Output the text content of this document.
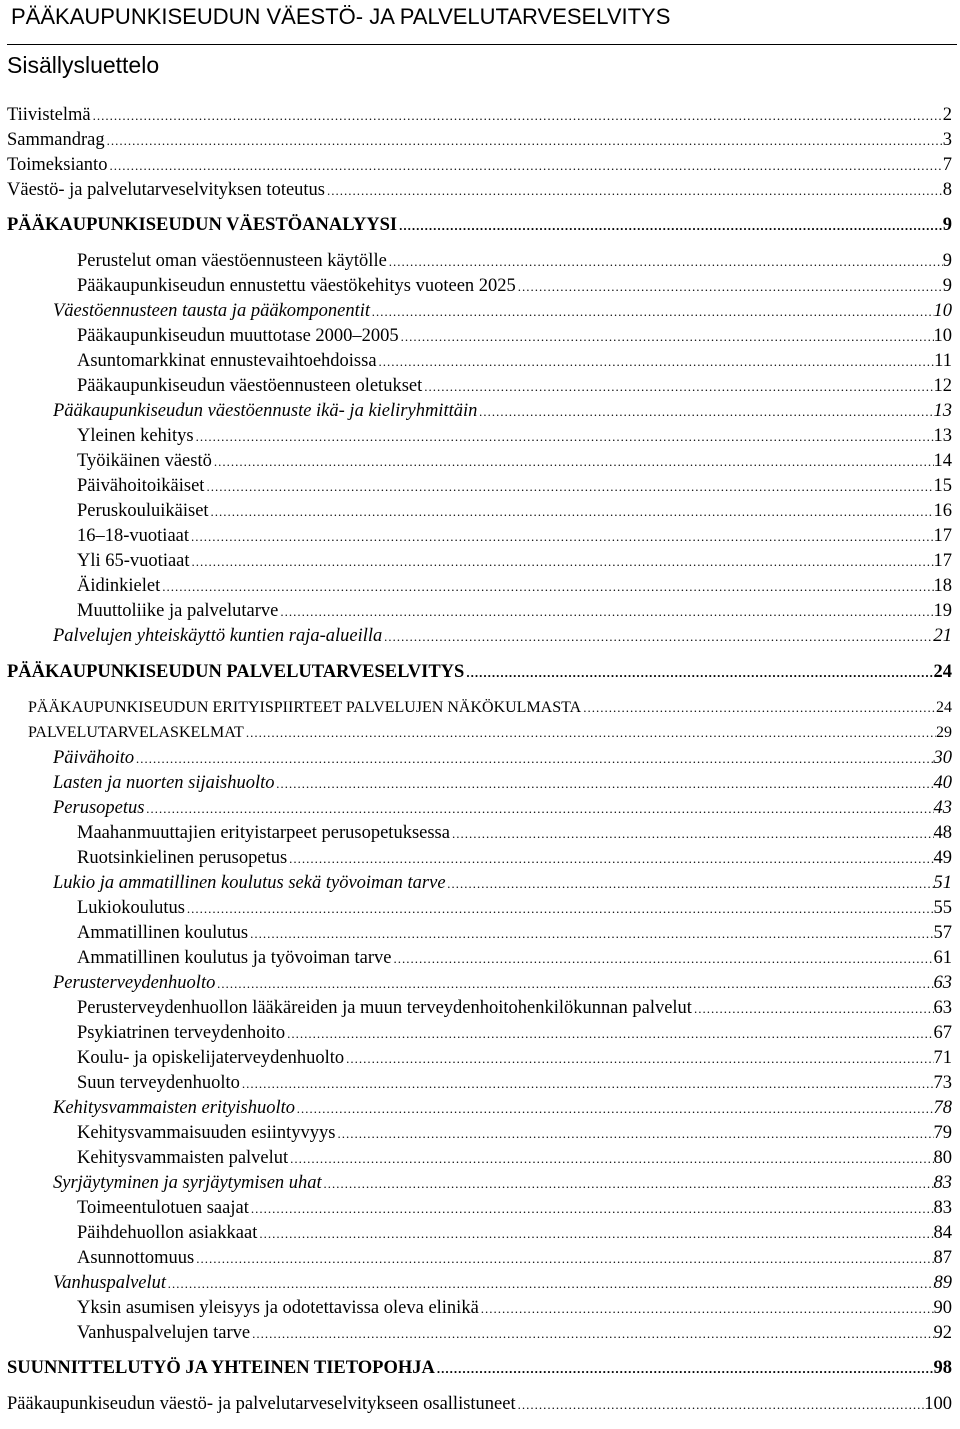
PÄÄKAUPUNKISEUDUN VÄESTÖ- JA PALVELUTARVESELVITYS
Sisällysluettelo
Tiivistelmä .....	2
Sammandrag .....	3
Toimeksianto .....	7
Väestö- ja palvelutarveselvityksen toteutus .....	8
PÄÄKAUPUNKISEUDUN VÄESTÖANALYYSI .....	9
Perustelut oman väestöennusteen käytölle .....	9
Pääkaupunkiseudun ennustettu väestökehitys vuoteen 2025 .....	9
Väestöennusteen tausta ja pääkomponentit .....	10
Pääkaupunkiseudun muuttotase 2000–2005 .....	10
Asuntomarkkinat ennustevaihtoehdoissa .....	11
Pääkaupunkiseudun väestöennusteen oletukset .....	12
Pääkaupunkiseudun väestöennuste ikä- ja kieliryhmittäin .....	13
Yleinen kehitys .....	13
Työikäinen väestö .....	14
Päivähoitoikäiset .....	15
Peruskouluikäiset .....	16
16–18-vuotiaat .....	17
Yli 65-vuotiaat .....	17
Äidinkielet .....	18
Muuttoliike ja palvelutarve .....	19
Palvelujen yhteiskäyttö kuntien raja-alueilla .....	21
PÄÄKAUPUNKISEUDUN PALVELUTARVESELVITYS .....	24
PÄÄKAUPUNKISEUDUN ERITYISPIIRTEET PALVELUJEN NÄKÖKULMASTA .....	24
PALVELUTARVELASKELMAT .....	29
Päivähoito .....	30
Lasten ja nuorten sijaishuolto .....	40
Perusopetus .....	43
Maahanmuuttajien erityistarpeet perusopetuksessa .....	48
Ruotsinkielinen perusopetus .....	49
Lukio ja ammatillinen koulutus sekä työvoiman tarve .....	51
Lukiokoulutus .....	55
Ammatillinen koulutus .....	57
Ammatillinen koulutus ja työvoiman tarve .....	61
Perusterveydenhuolto .....	63
Perusterveydenhuollon lääkäreiden ja muun terveydenhoitohenkilökunnan palvelut .....	63
Psykiatrinen terveydenhoito .....	67
Koulu- ja opiskelijaterveydenhuolto .....	71
Suun terveydenhuolto .....	73
Kehitysvammaisten erityishuolto .....	78
Kehitysvammaisuuden esiintyvyys .....	79
Kehitysvammaisten palvelut .....	80
Syrjäytyminen ja syrjäytymisen uhat .....	83
Toimeentulotuen saajat .....	83
Päihdehuollon asiakkaat .....	84
Asunnottomuus .....	87
Vanhuspalvelut .....	89
Yksin asumisen yleisyys ja odotettavissa oleva elinikä .....	90
Vanhuspalvelujen tarve .....	92
SUUNNITTELUTYÖ JA YHTEINEN TIETOPOHJA .....	98
Pääkaupunkiseudun väestö- ja palvelutarveselvitykseen osallistuneet .....	100
